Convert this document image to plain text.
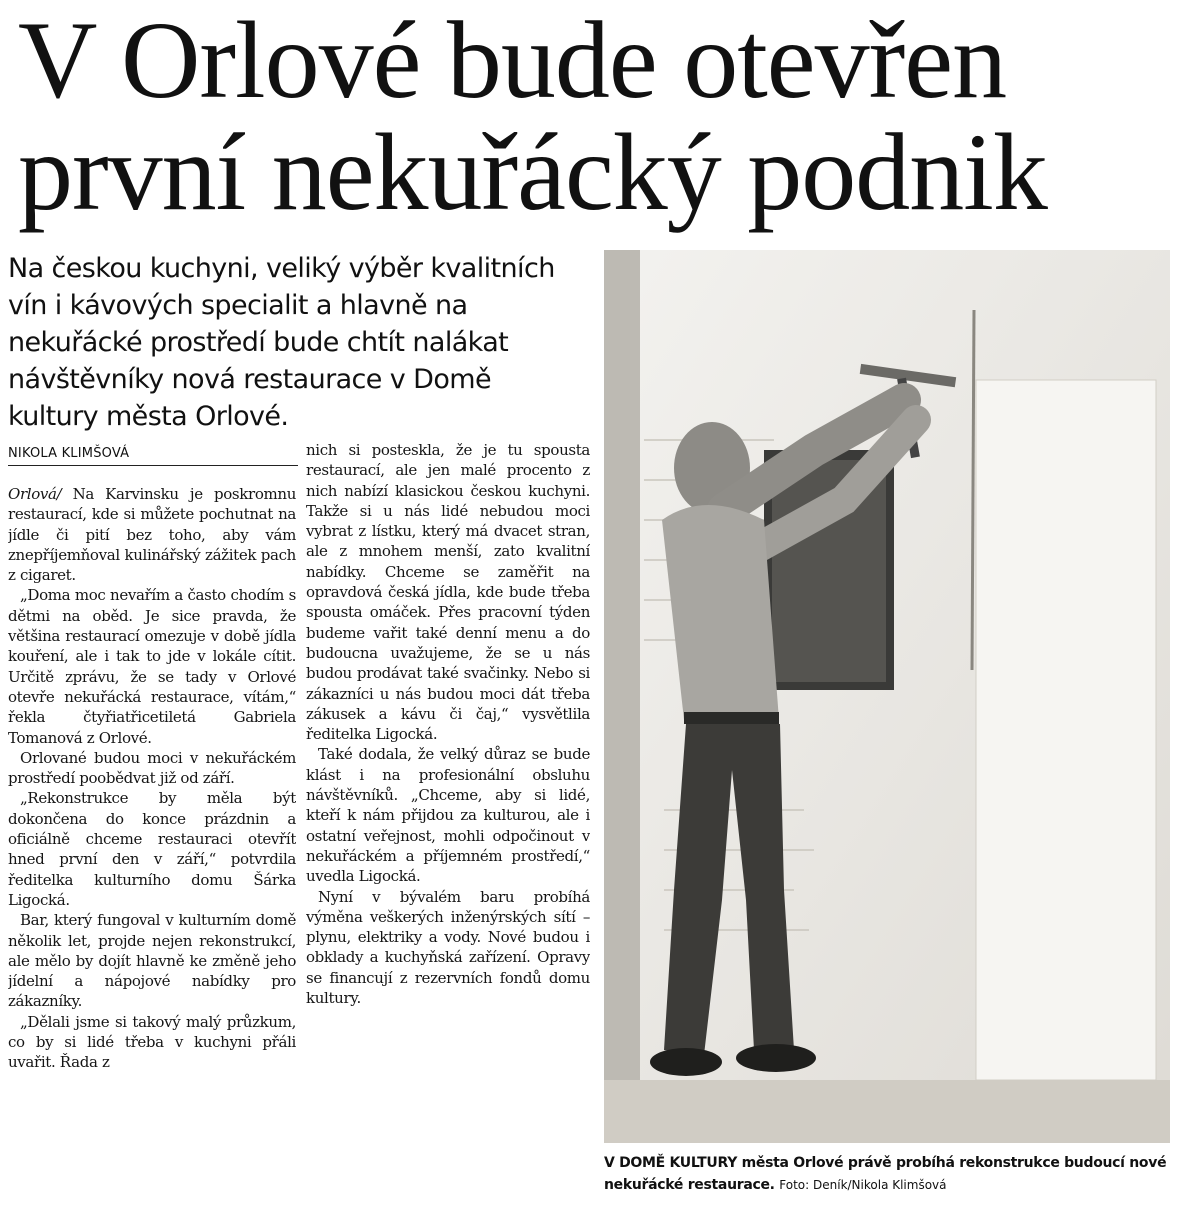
V Orlové bude otevřen
první nekuřácký podnik

Na českou kuchyni, veliký výběr kvalitních vín i kávových specialit a hlavně na nekuřácké prostředí bude chtít nalákat návštěvníky nová restaurace v Domě kultury města Orlové.

NIKOLA KLIMŠOVÁ

Orlová/ Na Karvinsku je poskromnu restaurací, kde si můžete pochutnat na jídle či pití bez toho, aby vám znepříjemňoval kulinářský zážitek pach z cigaret.

„Doma moc nevařím a často chodím s dětmi na oběd. Je sice pravda, že většina restaurací omezuje v době jídla kouření, ale i tak to jde v lokále cítit. Určitě zprávu, že se tady v Orlové otevře nekuřácká restaurace, vítám,“ řekla čtyřiatřicetiletá Gabriela Tomanová z Orlové.

Orlované budou moci v nekuřáckém prostředí poobědvat již od září.

„Rekonstrukce by měla být dokončena do konce prázdnin a oficiálně chceme restauraci otevřít hned první den v září,“ potvrdila ředitelka kulturního domu Šárka Ligocká.

Bar, který fungoval v kulturním domě několik let, projde nejen rekonstrukcí, ale mělo by dojít hlavně ke změně jeho jídelní a nápojové nabídky pro zákazníky.

„Dělali jsme si takový malý průzkum, co by si lidé třeba v kuchyni přáli uvařit. Řada z

nich si posteskla, že je tu spousta restaurací, ale jen malé procento z nich nabízí klasickou českou kuchyni. Takže si u nás lidé nebudou moci vybrat z lístku, který má dvacet stran, ale z mnohem menší, zato kvalitní nabídky. Chceme se zaměřit na opravdová česká jídla, kde bude třeba spousta omáček. Přes pracovní týden budeme vařit také denní menu a do budoucna uvažujeme, že se u nás budou prodávat také svačinky. Nebo si zákazníci u nás budou moci dát třeba zákusek a kávu či čaj,“ vysvětlila ředitelka Ligocká.

Také dodala, že velký důraz se bude klást i na profesionální obsluhu návštěvníků. „Chceme, aby si lidé, kteří k nám přijdou za kulturou, ale i ostatní veřejnost, mohli odpočinout v nekuřáckém a příjemném prostředí,“ uvedla Ligocká.

Nyní v bývalém baru probíhá výměna veškerých inženýrských sítí – plynu, elektriky a vody. Nové budou i obklady a kuchyňská zařízení. Opravy se financují z rezervních fondů domu kultury.

V DOMĚ KULTURY města Orlové právě probíhá rekonstrukce budoucí nové nekuřácké restaurace. Foto: Deník/Nikola Klimšová
